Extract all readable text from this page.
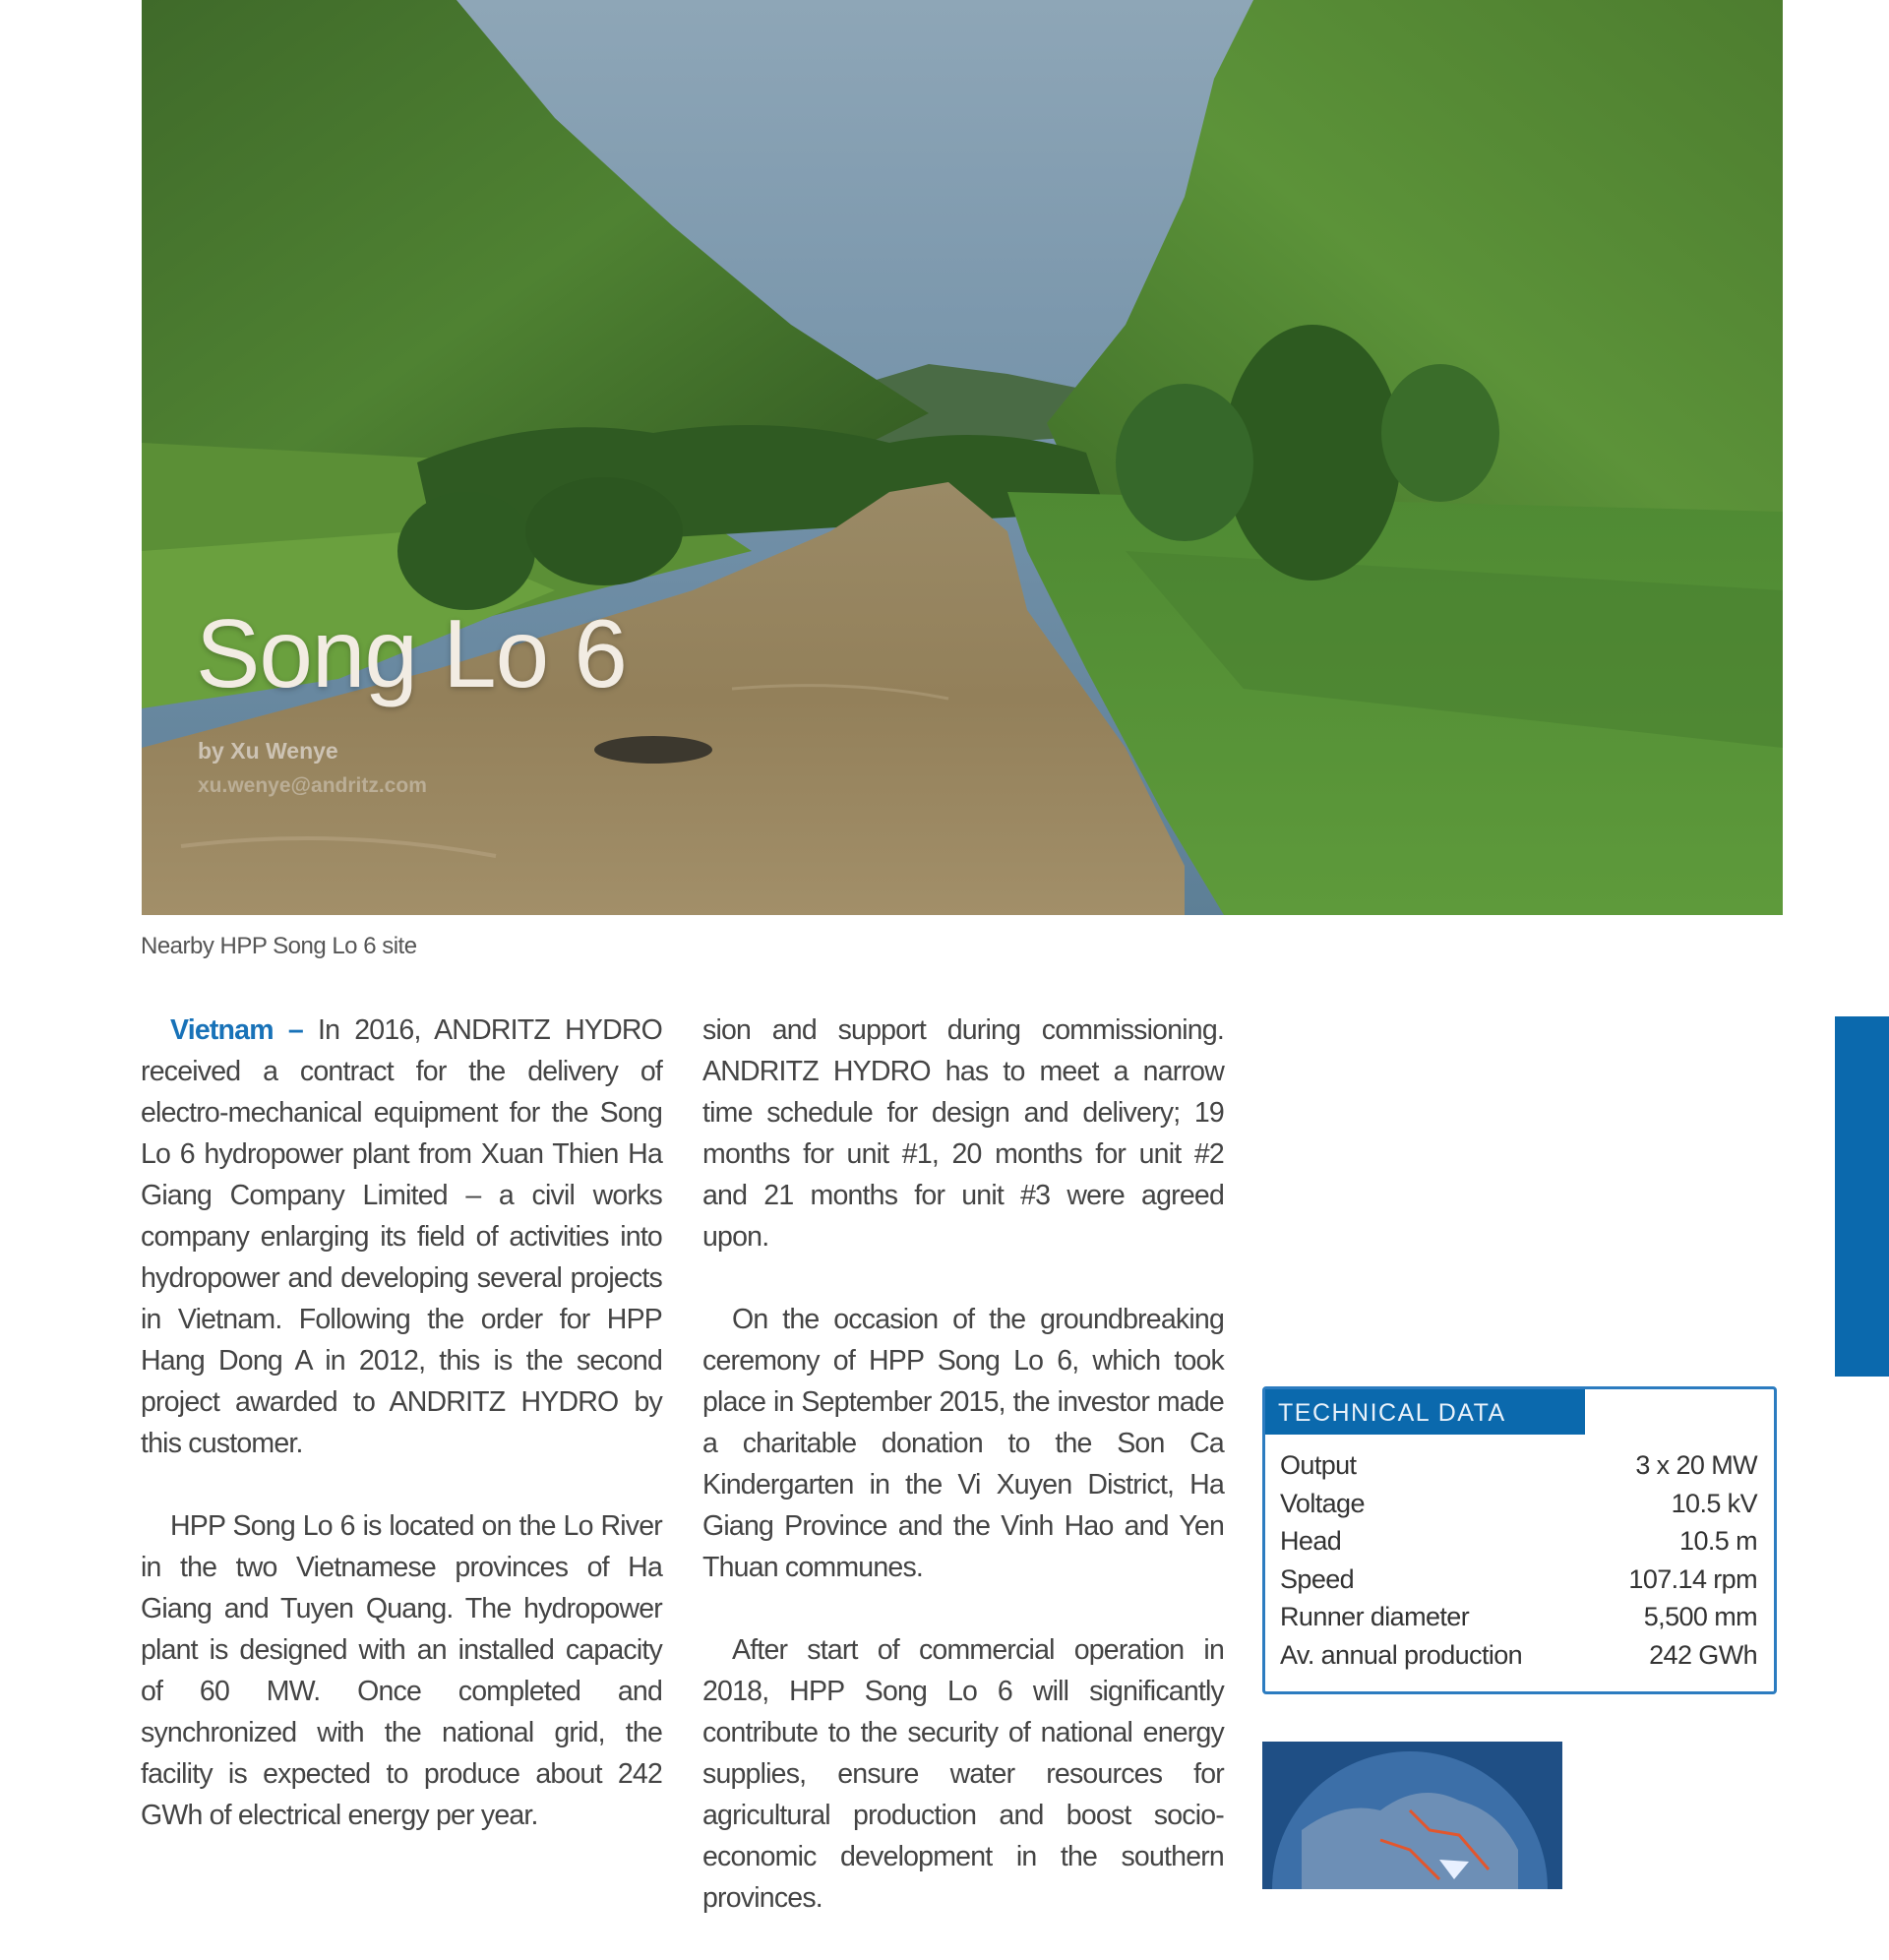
Song Lo 6
by Xu Wenye
xu.wenye@andritz.com
Nearby HPP Song Lo 6 site

Vietnam – In 2016, ANDRITZ HYDRO received a contract for the delivery of electro-mechanical equipment for the Song Lo 6 hydropower plant from Xuan Thien Ha Giang Company Limited – a civil works company enlarging its field of activities into hydropower and developing several projects in Vietnam. Following the order for HPP Hang Dong A in 2012, this is the second project awarded to ANDRITZ HYDRO by this customer.

HPP Song Lo 6 is located on the Lo River in the two Vietnamese provinces of Ha Giang and Tuyen Quang. The hydropower plant is designed with an installed capacity of 60 MW. Once completed and synchronized with the national grid, the facility is expected to produce about 242 GWh of electrical energy per year.

sion and support during commissioning. ANDRITZ HYDRO has to meet a narrow time schedule for design and delivery; 19 months for unit #1, 20 months for unit #2 and 21 months for unit #3 were agreed upon.

On the occasion of the groundbreaking ceremony of HPP Song Lo 6, which took place in September 2015, the investor made a charitable donation to the Son Ca Kindergarten in the Vi Xuyen District, Ha Giang Province and the Vinh Hao and Yen Thuan communes.

After start of commercial operation in 2018, HPP Song Lo 6 will significantly contribute to the security of national energy supplies, ensure water resources for agricultural production and boost socio-economic development in the southern provinces.

TECHNICAL DATA
Output	3 x 20 MW
Voltage	10.5 kV
Head	10.5 m
Speed	107.14 rpm
Runner diameter	5,500 mm
Av. annual production	242 GWh
